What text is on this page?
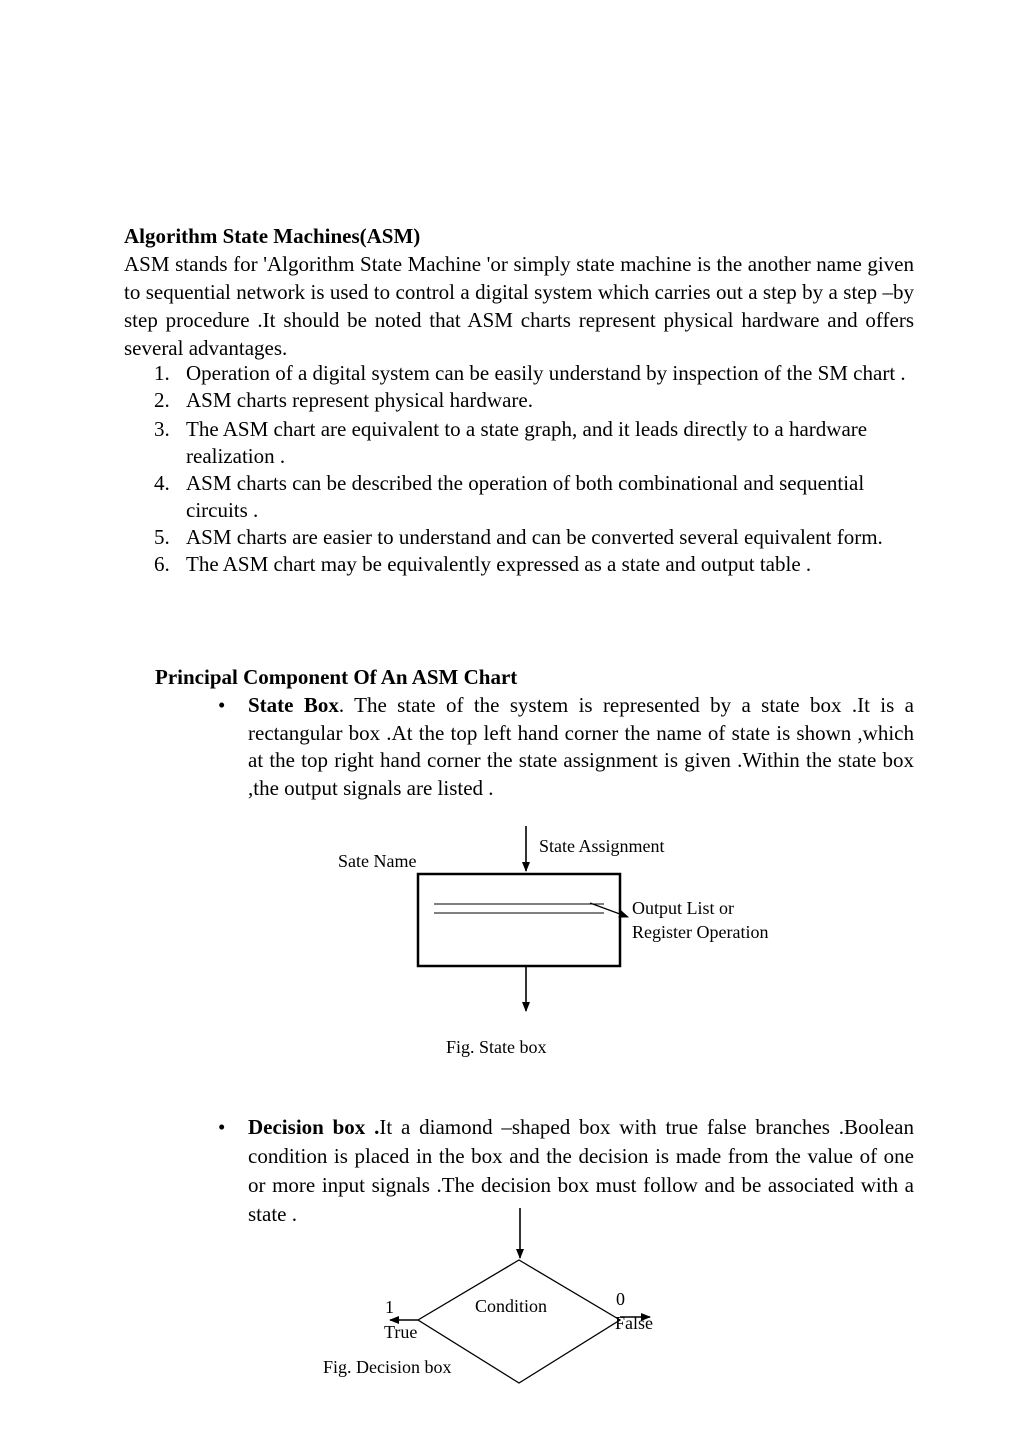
Algorithm State Machines(ASM)

ASM stands for 'Algorithm State Machine 'or simply state machine is the another name given to sequential network is used to control a digital system which carries out a step by a step –by step procedure .It should be noted that ASM charts represent physical hardware and offers several advantages.

1. Operation of a digital system can be easily understand by inspection of the SM chart .
2. ASM charts represent physical hardware.
3. The ASM chart are equivalent to a state graph, and it leads directly to a hardware realization .
4. ASM charts can be described the operation of both combinational and sequential circuits .
5. ASM charts are easier to understand and can be converted several equivalent form.
6. The ASM chart may be equivalently expressed as a state and output table .
Principal Component Of An ASM Chart

• State Box. The state of the system is represented by a state box .It is a rectangular box .At the top left hand corner the name of state is shown ,which at the top right hand corner the state assignment is given .Within the state box ,the output signals are listed .

• Decision box .It a diamond –shaped box with true false branches .Boolean condition is placed in the box and the decision is made from the value of one or more input signals .The decision box must follow and be associated with a state .

State Assignment
Sate Name
Output List or
Register Operation
Fig. State box
Condition
1
True
0
False
Fig. Decision box
